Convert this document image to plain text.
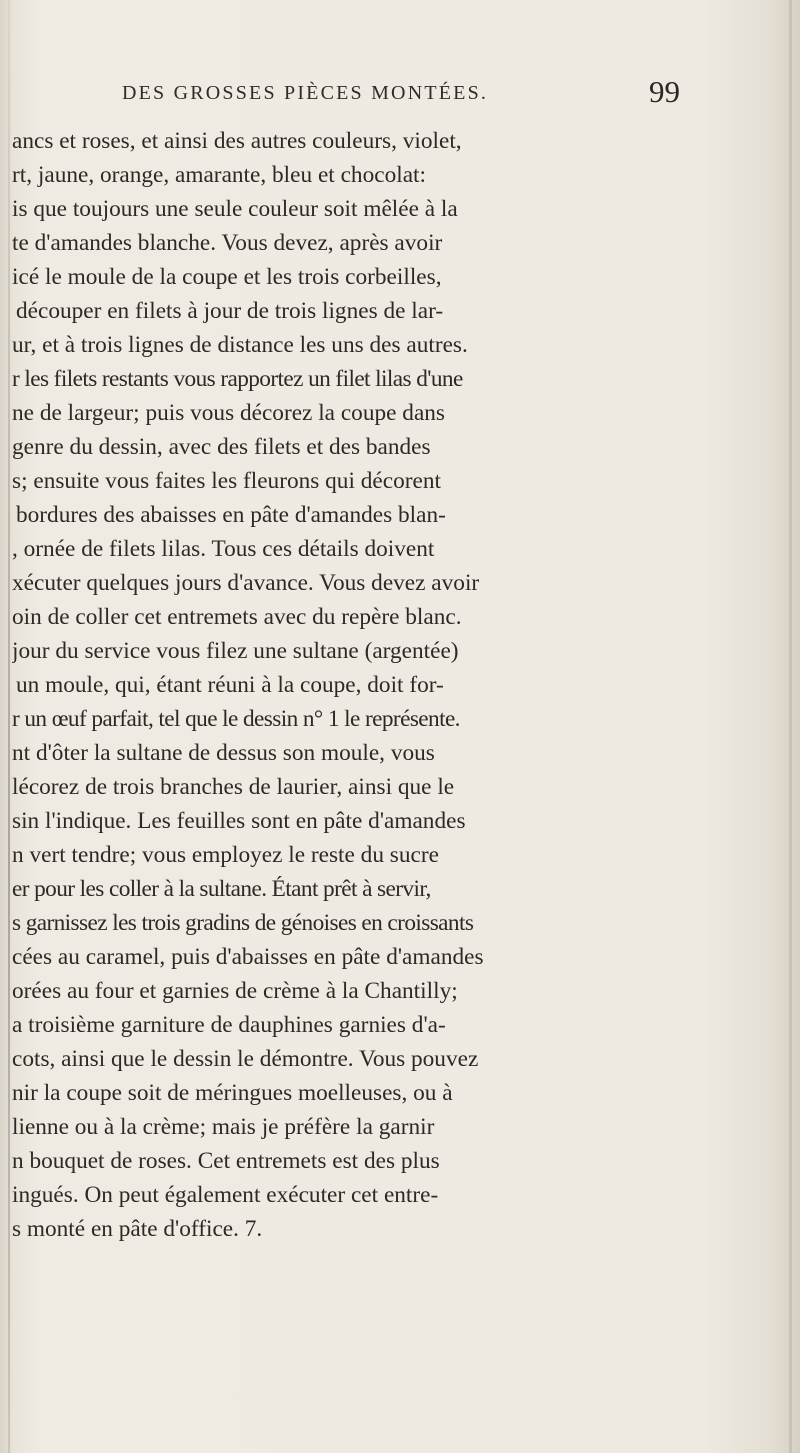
DES GROSSES PIÈCES MONTÉES.	99
ancs et roses, et ainsi des autres couleurs, violet,
rt, jaune, orange, amarante, bleu et chocolat:
is que toujours une seule couleur soit mêlée à la
te d'amandes blanche. Vous devez, après avoir
icé le moule de la coupe et les trois corbeilles,
découper en filets à jour de trois lignes de lar-
ur, et à trois lignes de distance les uns des autres.
r les filets restants vous rapportez un filet lilas d'une
ne de largeur; puis vous décorez la coupe dans
genre du dessin, avec des filets et des bandes
s; ensuite vous faites les fleurons qui décorent
bordures des abaisses en pâte d'amandes blan-
, ornée de filets lilas. Tous ces détails doivent
xécuter quelques jours d'avance. Vous devez avoir
oin de coller cet entremets avec du repère blanc.
jour du service vous filez une sultane (argentée)
un moule, qui, étant réuni à la coupe, doit for-
r un œuf parfait, tel que le dessin n° 1 le représente.
nt d'ôter la sultane de dessus son moule, vous
lécorez de trois branches de laurier, ainsi que le
sin l'indique. Les feuilles sont en pâte d'amandes
n vert tendre; vous employez le reste du sucre
er pour les coller à la sultane. Étant prêt à servir,
s garnissez les trois gradins de génoises en croissants
cées au caramel, puis d'abaisses en pâte d'amandes
orées au four et garnies de crème à la Chantilly;
a troisième garniture de dauphines garnies d'a-
cots, ainsi que le dessin le démontre. Vous pouvez
nir la coupe soit de méringues moelleuses, ou à
lienne ou à la crème; mais je préfère la garnir
n bouquet de roses. Cet entremets est des plus
ingués. On peut également exécuter cet entre-
s monté en pâte d'office. 7.
